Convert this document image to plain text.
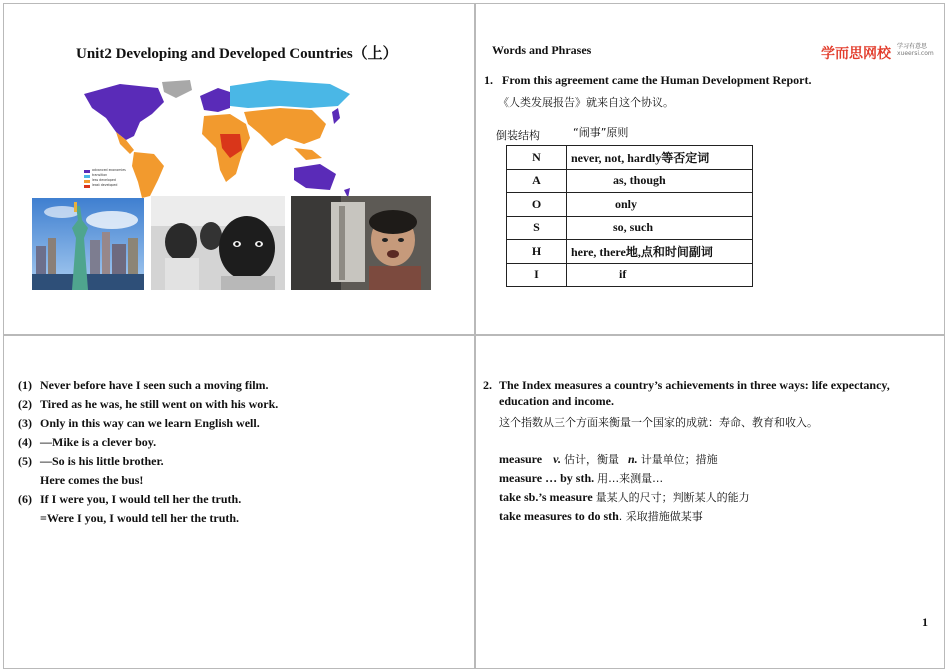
Unit2 Developing and Developed Countries（上）
advanced economies
transition
less developed
least developed
Words and Phrases	学而思网校 学习有意思
xueersi.com
1. From this agreement came the Human Development Report.
《人类发展报告》就来自这个协议。
倒装结构	“闹事”原则
N	never, not, hardly等否定词
A	as, though
O	only
S	so, such
H	here, there地,点和时间副词
I	if
(1) Never before have I seen such a moving film.
(2) Tired as he was, he still went on with his work.
(3) Only in this way can we learn English well.
(4) —Mike is a clever boy.
(5) —So is his little brother.
Here comes the bus!
(6) If I were you, I would tell her the truth.
=Were I you, I would tell her the truth.
2. The Index measures a country’s achievements in three ways: life expectancy,
education and income.
这个指数从三个方面来衡量一个国家的成就：寿命、教育和收入。
measure v. 估计，衡量 n. 计量单位；措施
measure … by sth. 用…来测量…
take sb.’s measure 量某人的尺寸；判断某人的能力
take measures to do sth. 采取措施做某事
1
